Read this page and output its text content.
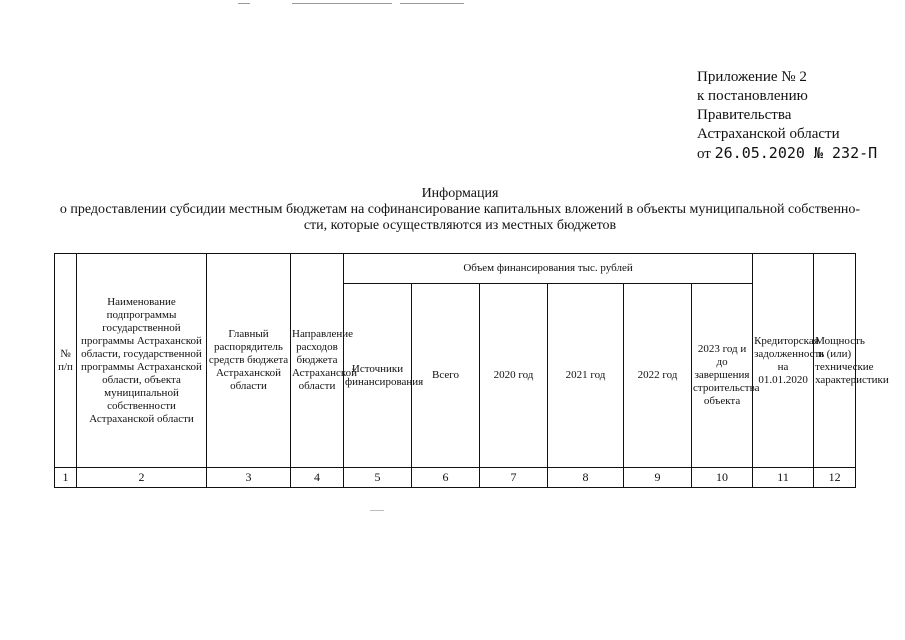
Приложение № 2
к постановлению
Правительства
Астраханской области
от 26.05.2020 № 232-П
Информация
о предоставлении субсидии местным бюджетам на софинансирование капитальных вложений в объекты муниципальной собственно-
сти, которые осуществляются из местных бюджетов
№ п/п	Наименование подпрограммы государственной программы Астраханской области, государственной программы Астраханской области, объекта муниципальной собственности Астраханской области	Главный распорядитель средств бюджета Астраханской области	Направление расходов бюджета Астраханской области	Объем финансирования тыс. рублей						Кредиторская задолженность на 01.01.2020	Мощность и (или) технические характеристики
				Источники финансирования	Всего	2020 год	2021 год	2022 год	2023 год и до завершения строительства объекта		
1	2	3	4	5	6	7	8	9	10	11	12
